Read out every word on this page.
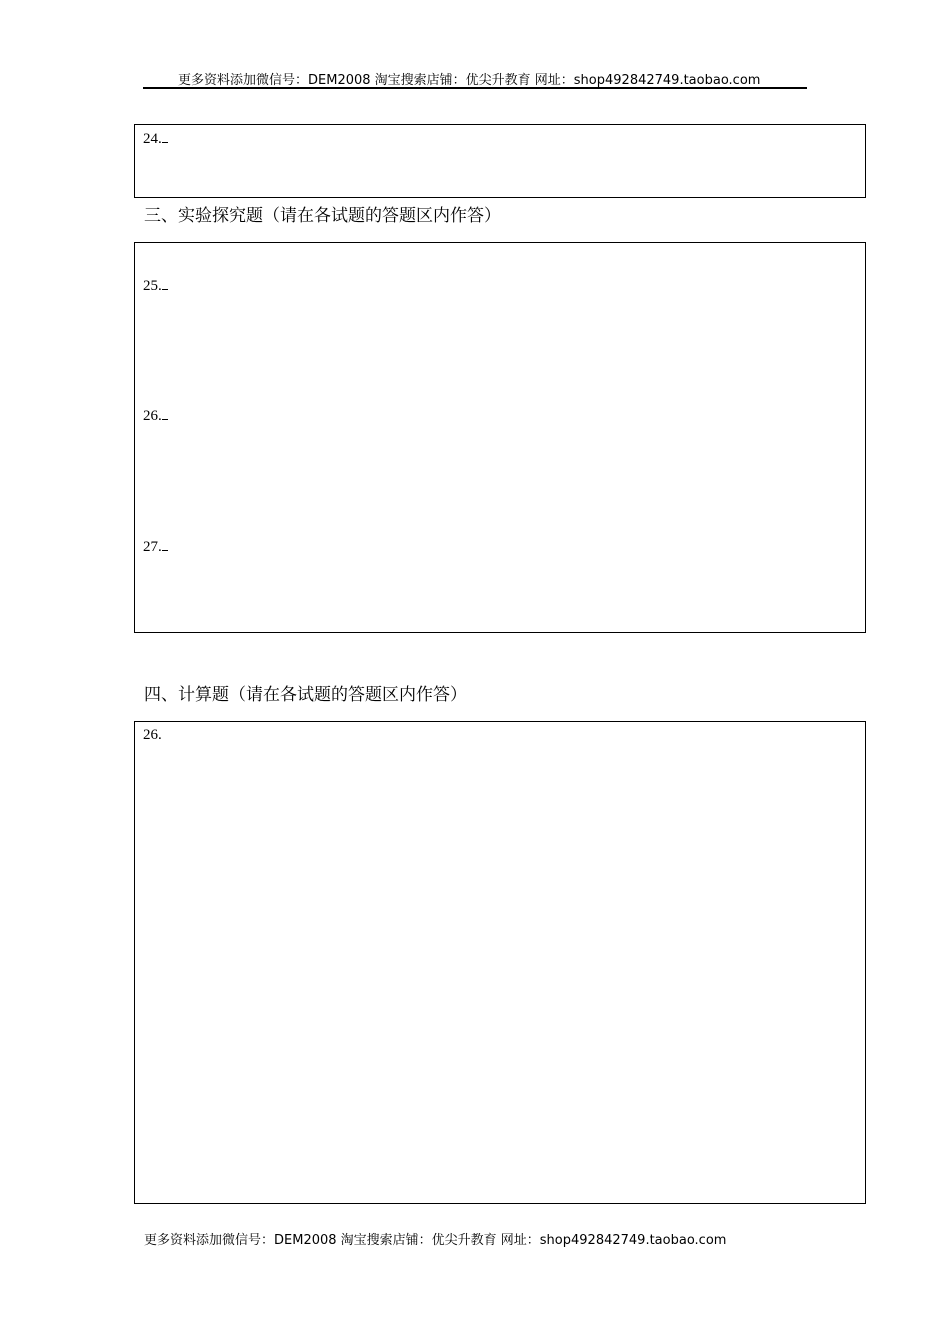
更多资料添加微信号：DEM2008 淘宝搜索店铺：优尖升教育 网址：shop492842749.taobao.com
24.
三、实验探究题（请在各试题的答题区内作答）
25.
26.
27.
四、计算题（请在各试题的答题区内作答）
26.
更多资料添加微信号：DEM2008 淘宝搜索店铺：优尖升教育 网址：shop492842749.taobao.com
